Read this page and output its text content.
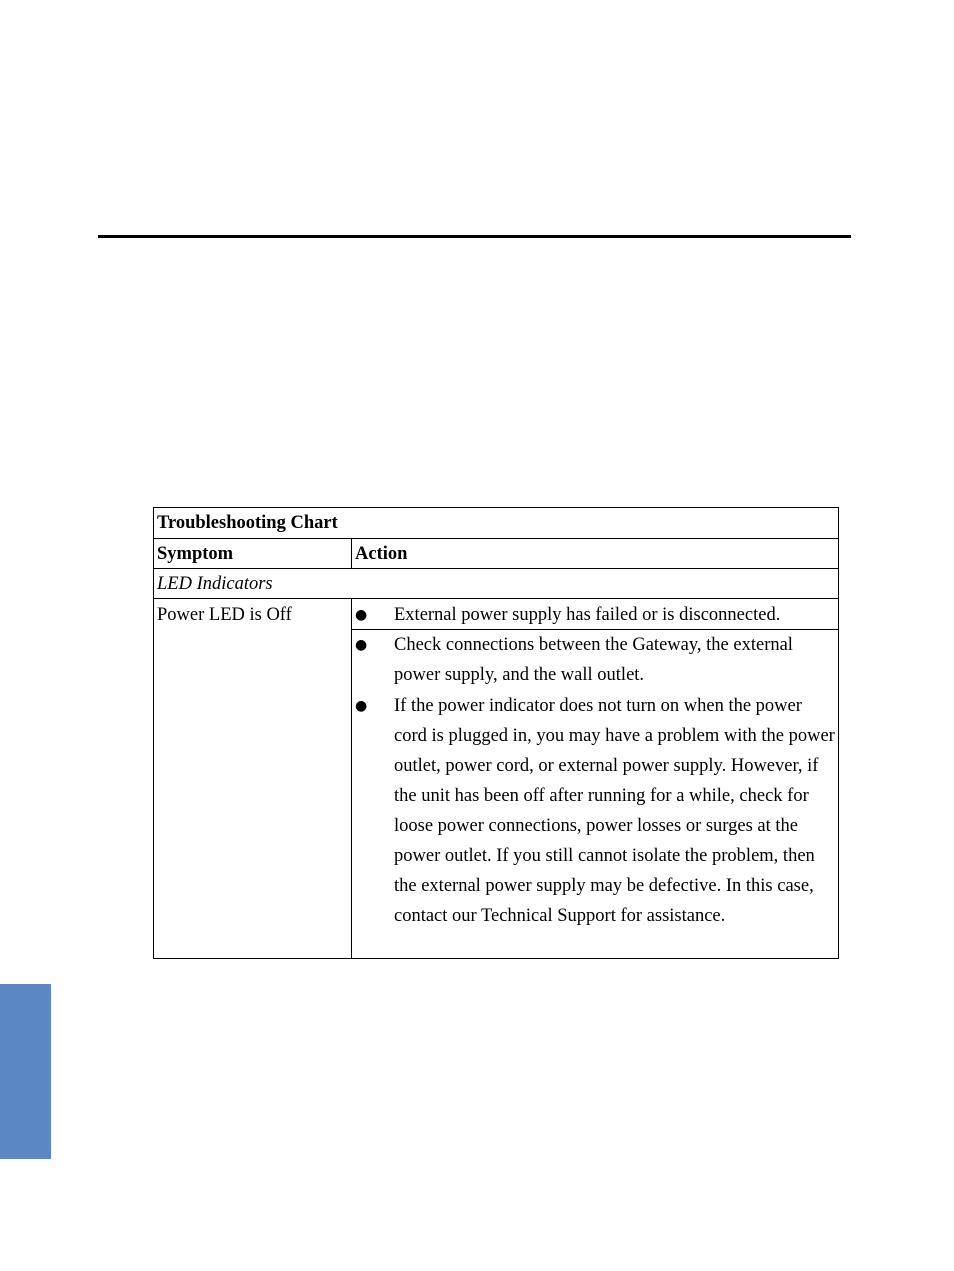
Troubleshooting Chart
Symptom	Action
LED Indicators
Power LED is Off	● External power supply has failed or is disconnected.
● Check connections between the Gateway, the external power supply, and the wall outlet.
● If the power indicator does not turn on when the power cord is plugged in, you may have a problem with the power outlet, power cord, or external power supply. However, if the unit has been off after running for a while, check for loose power connections, power losses or surges at the power outlet. If you still cannot isolate the problem, then the external power supply may be defective. In this case, contact our Technical Support for assistance.
